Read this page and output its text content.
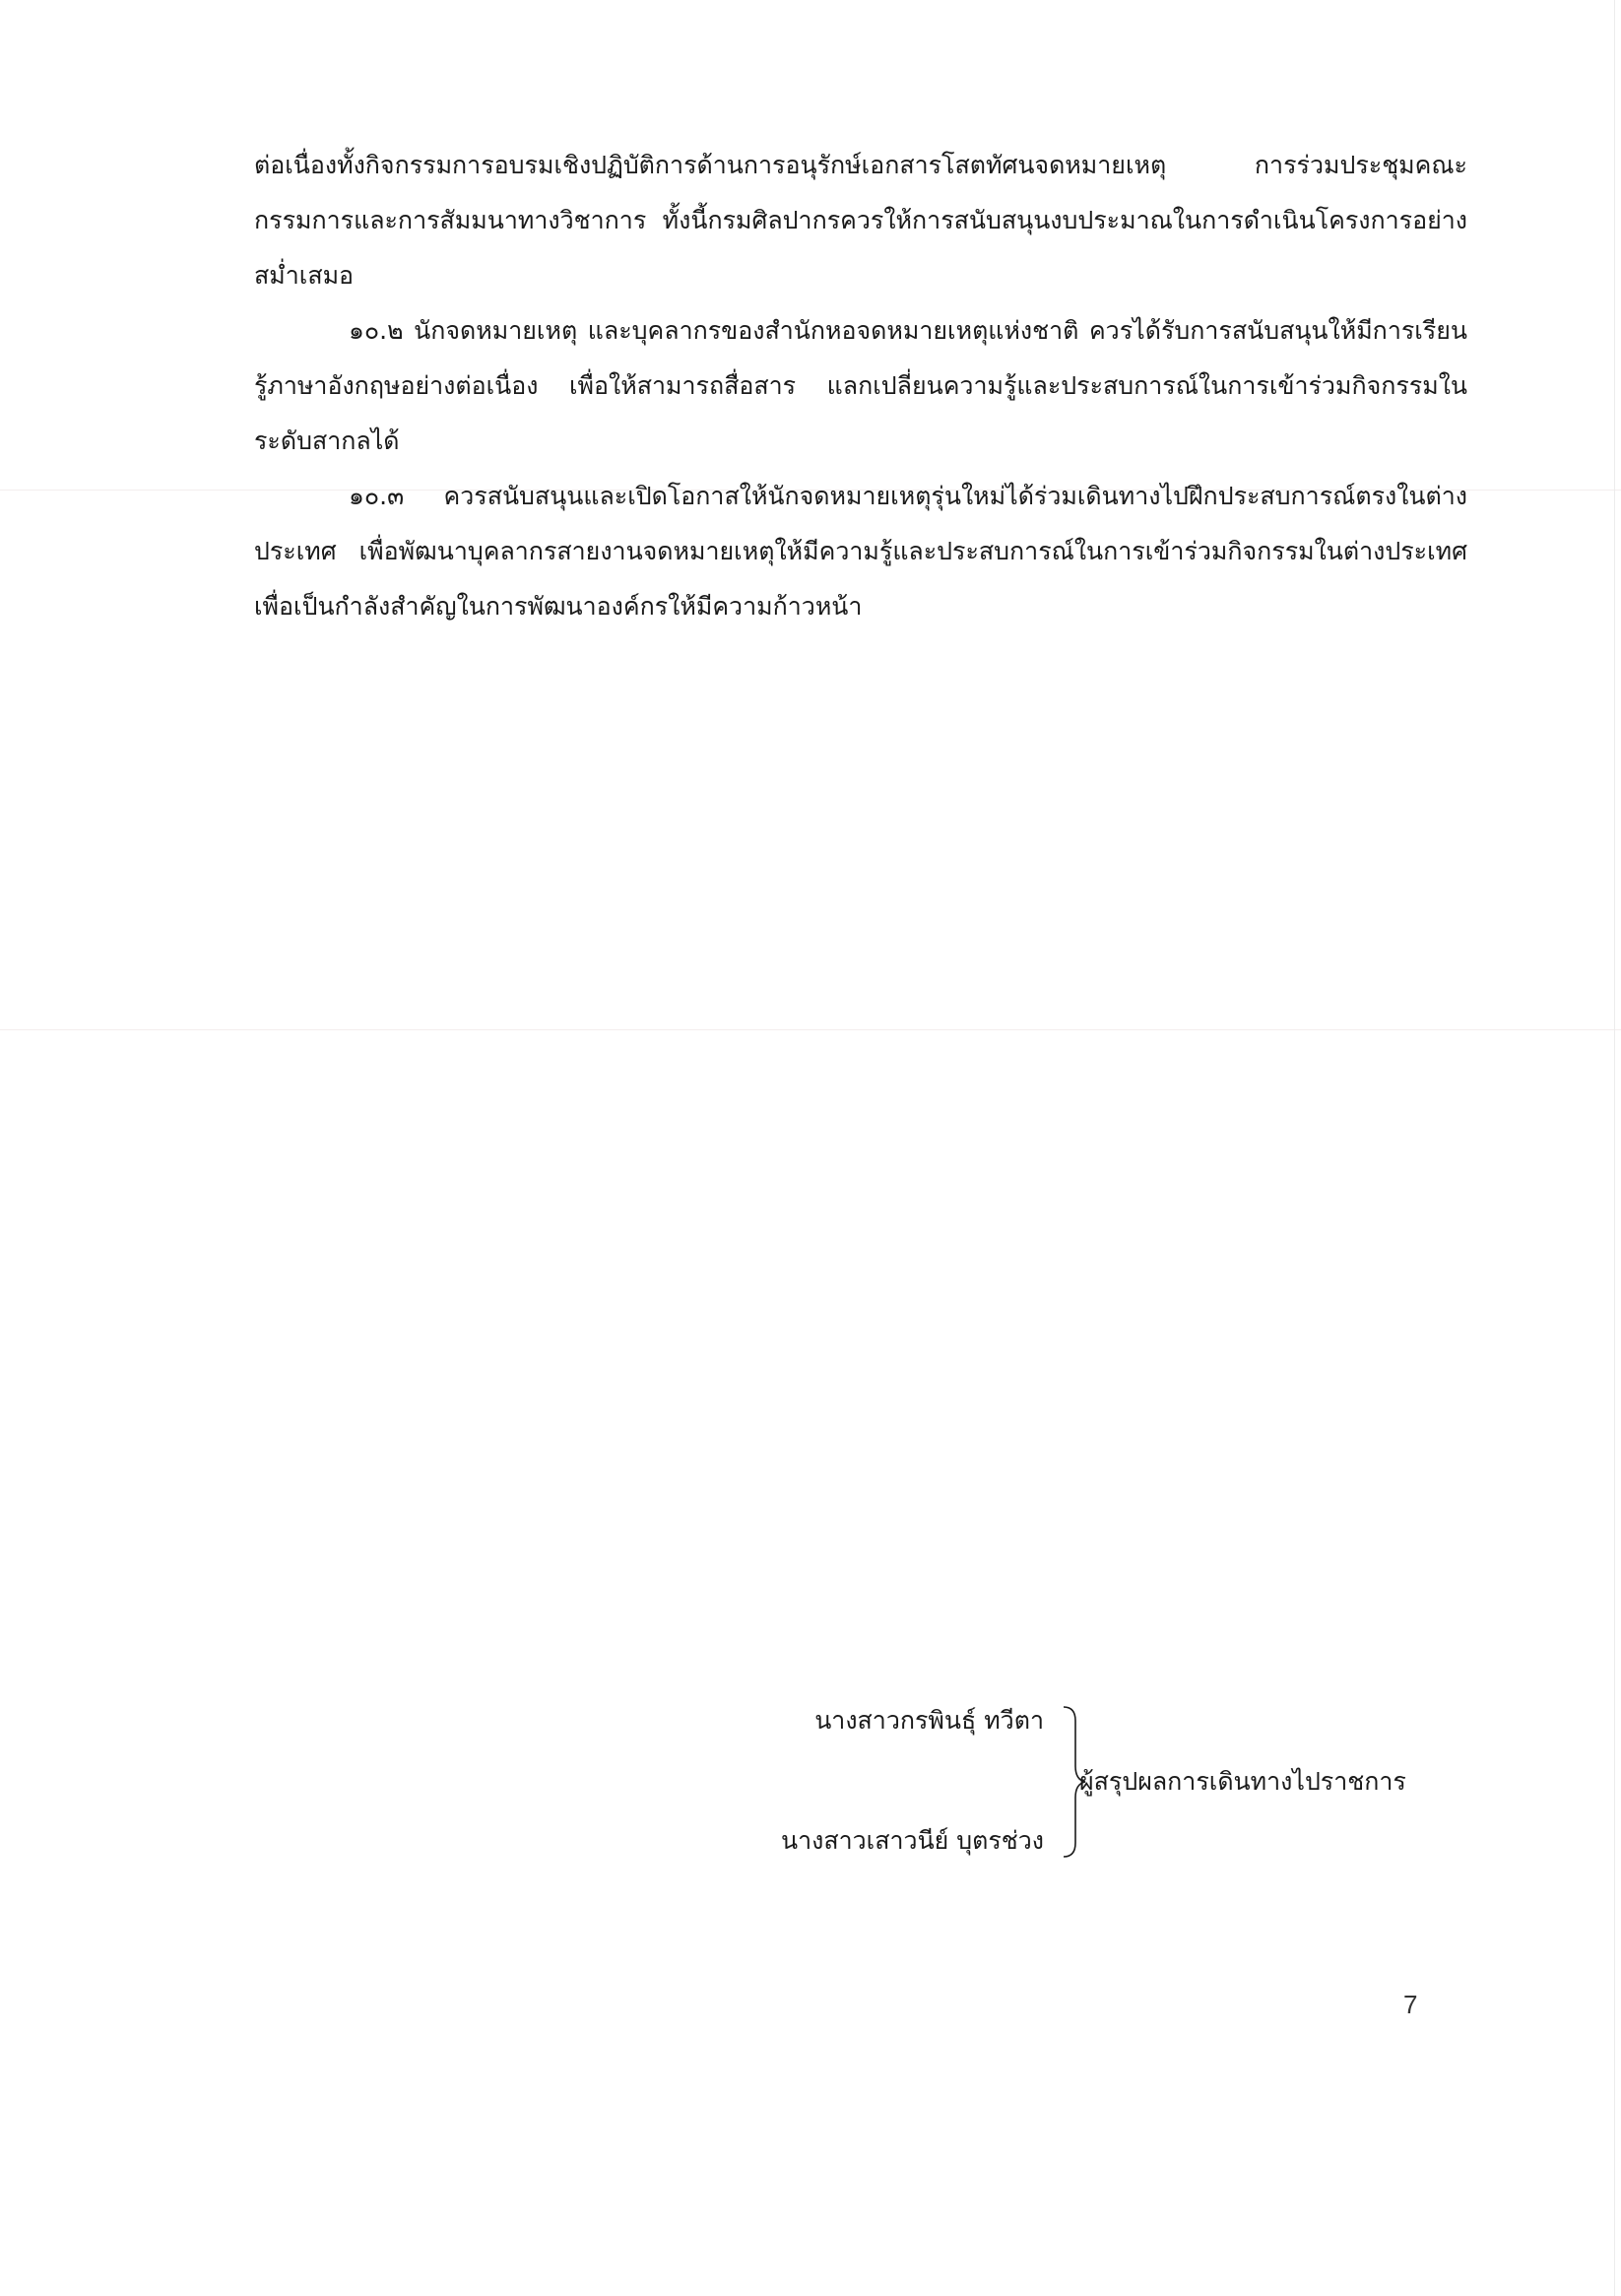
ต่อเนื่องทั้งกิจกรรมการอบรมเชิงปฏิบัติการด้านการอนุรักษ์เอกสารโสตทัศนจดหมายเหตุ การร่วมประชุมคณะกรรมการและการสัมมนาทางวิชาการ ทั้งนี้กรมศิลปากรควรให้การสนับสนุนงบประมาณในการดำเนินโครงการอย่างสม่ำเสมอ

๑๐.๒ นักจดหมายเหตุ และบุคลากรของสำนักหอจดหมายเหตุแห่งชาติ ควรได้รับการสนับสนุนให้มีการเรียนรู้ภาษาอังกฤษอย่างต่อเนื่อง เพื่อให้สามารถสื่อสาร แลกเปลี่ยนความรู้และประสบการณ์ในการเข้าร่วมกิจกรรมในระดับสากลได้

๑๐.๓ ควรสนับสนุนและเปิดโอกาสให้นักจดหมายเหตุรุ่นใหม่ได้ร่วมเดินทางไปฝึกประสบการณ์ตรงในต่างประเทศ เพื่อพัฒนาบุคลากรสายงานจดหมายเหตุให้มีความรู้และประสบการณ์ในการเข้าร่วมกิจกรรมในต่างประเทศ เพื่อเป็นกำลังสำคัญในการพัฒนาองค์กรให้มีความก้าวหน้า

นางสาวกรพินธุ์ ทวีตา
นางสาวเสาวนีย์ บุตรช่วง
ผู้สรุปผลการเดินทางไปราชการ
7
